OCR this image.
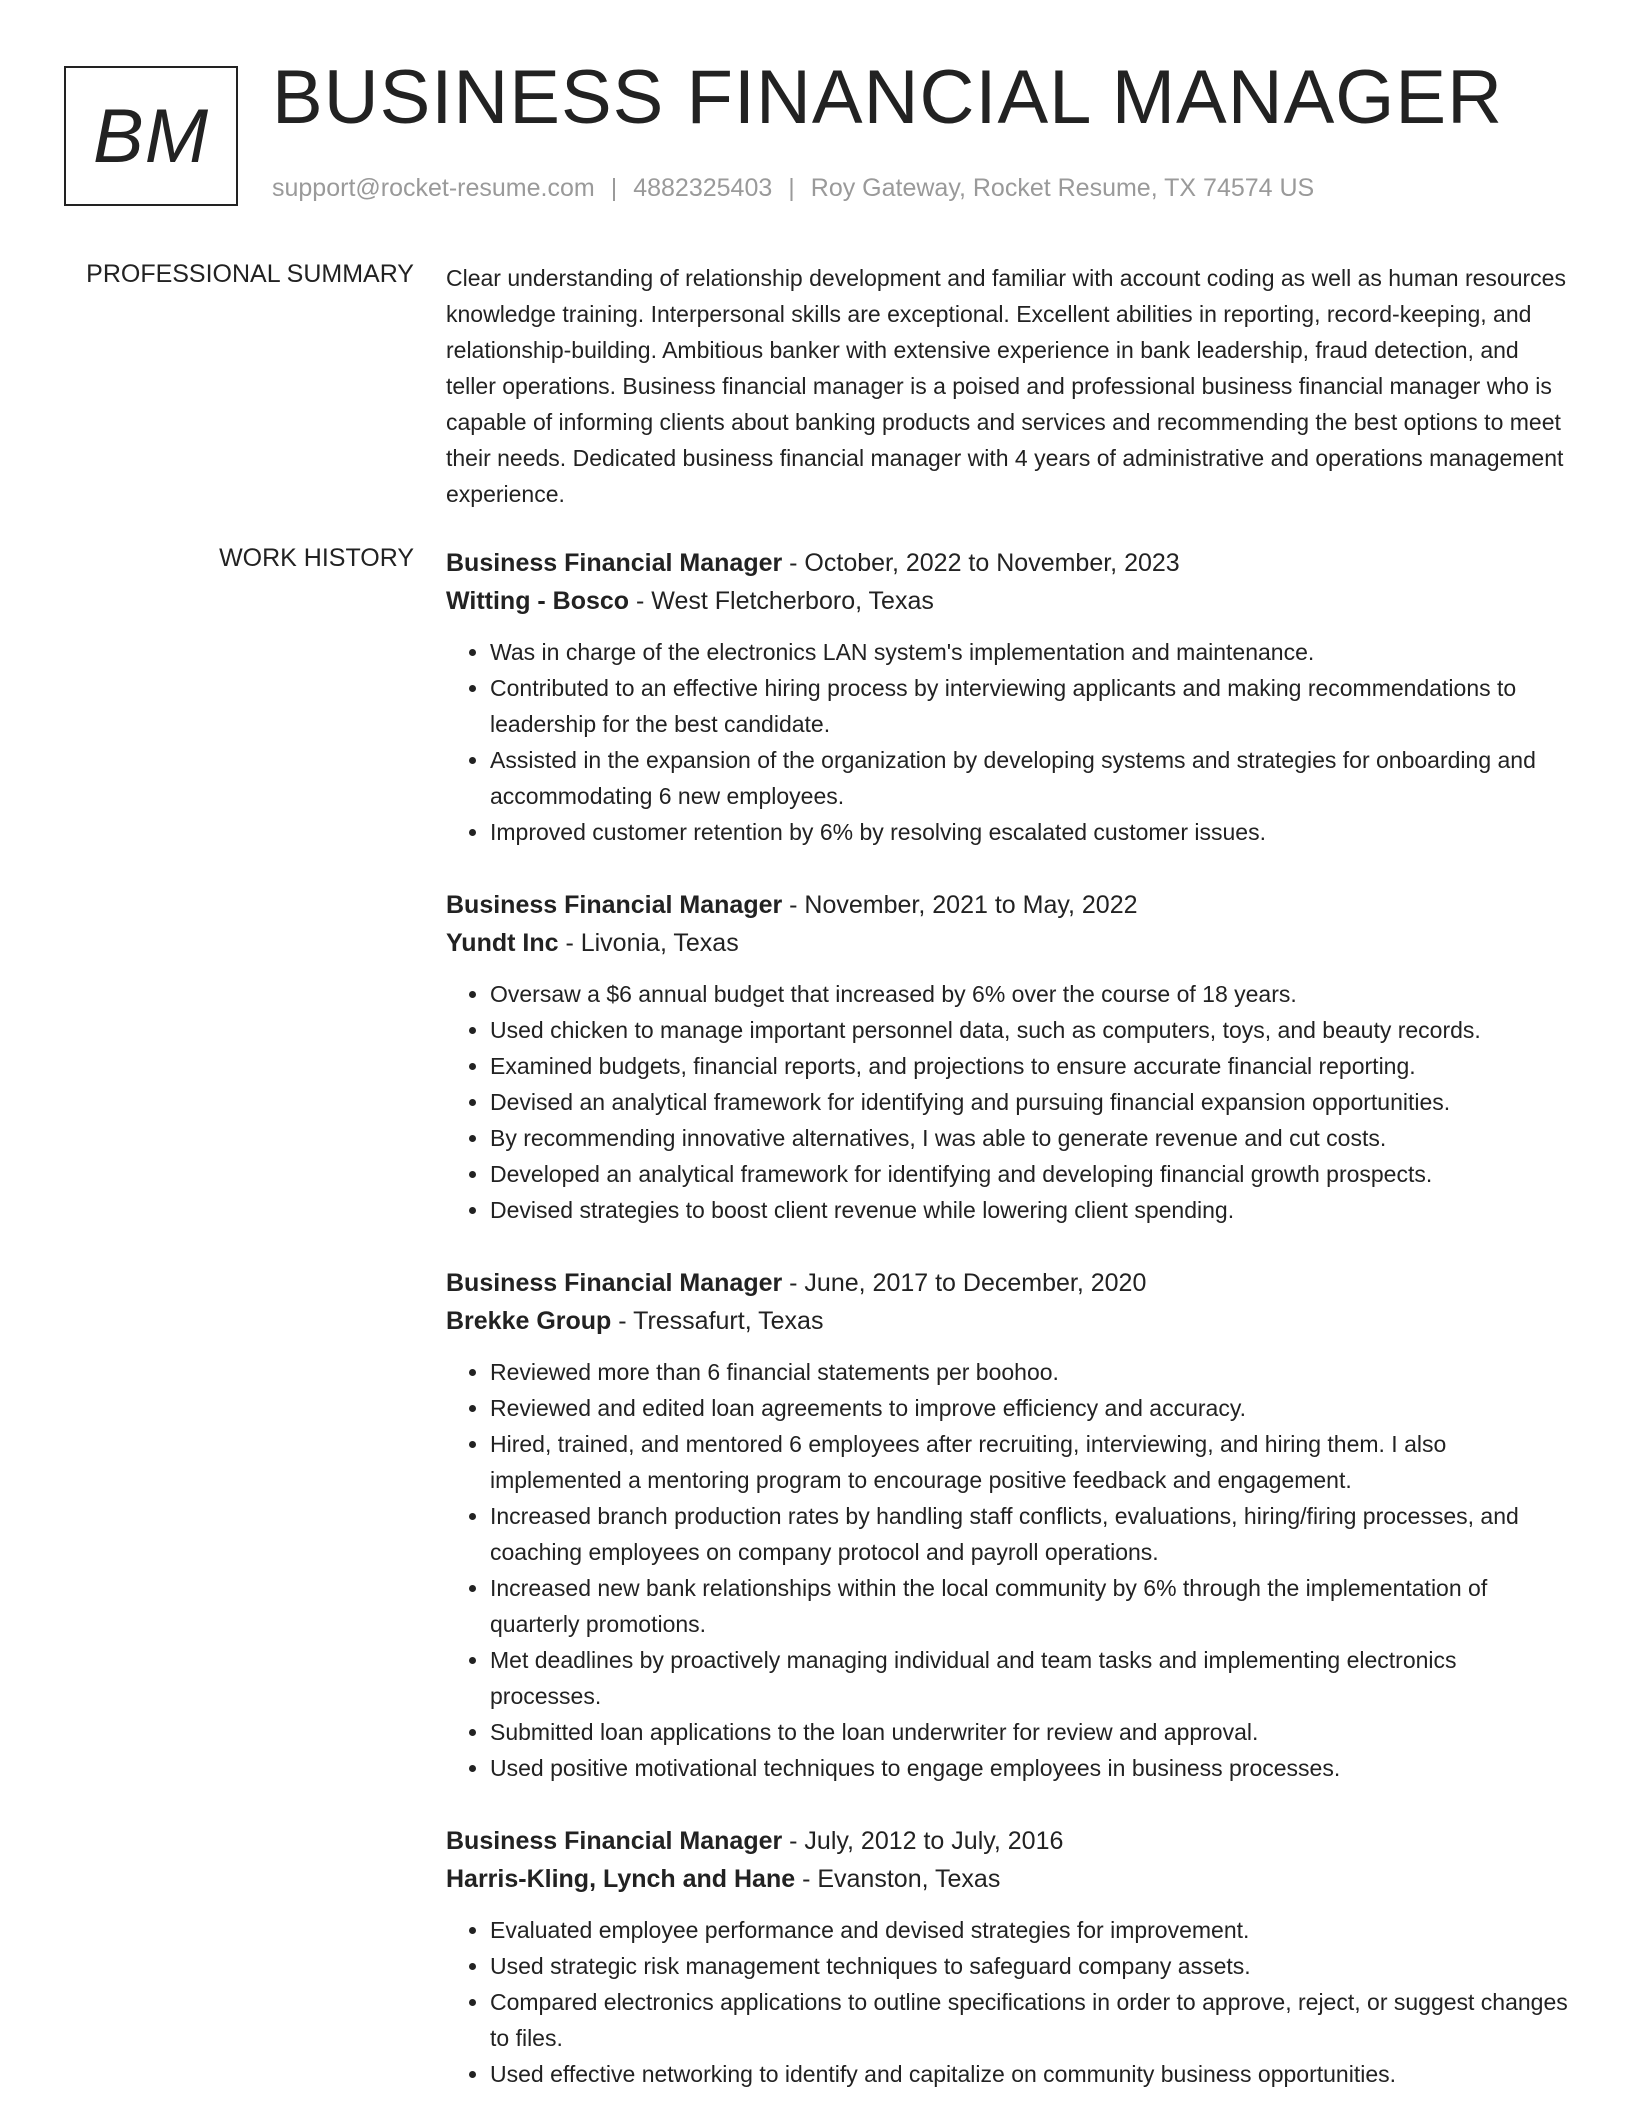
BM BUSINESS FINANCIAL MANAGER
support@rocket-resume.com | 4882325403 | Roy Gateway, Rocket Resume, TX 74574 US
PROFESSIONAL SUMMARY Clear understanding of relationship development and familiar with account coding as well as human resources knowledge training. Interpersonal skills are exceptional. Excellent abilities in reporting, record-keeping, and relationship-building. Ambitious banker with extensive experience in bank leadership, fraud detection, and teller operations. Business financial manager is a poised and professional business financial manager who is capable of informing clients about banking products and services and recommending the best options to meet their needs. Dedicated business financial manager with 4 years of administrative and operations management experience.

WORK HISTORY Business Financial Manager - October, 2022 to November, 2023

Witting - Bosco - West Fletcherboro, Texas

• Was in charge of the electronics LAN system's implementation and maintenance.
• Contributed to an effective hiring process by interviewing applicants and making recommendations to leadership for the best candidate.
• Assisted in the expansion of the organization by developing systems and strategies for onboarding and accommodating 6 new employees.
• Improved customer retention by 6% by resolving escalated customer issues.

Business Financial Manager - November, 2021 to May, 2022

Yundt Inc - Livonia, Texas

• Oversaw a $6 annual budget that increased by 6% over the course of 18 years.
• Used chicken to manage important personnel data, such as computers, toys, and beauty records.
• Examined budgets, financial reports, and projections to ensure accurate financial reporting.
• Devised an analytical framework for identifying and pursuing financial expansion opportunities.
• By recommending innovative alternatives, I was able to generate revenue and cut costs.
• Developed an analytical framework for identifying and developing financial growth prospects.
• Devised strategies to boost client revenue while lowering client spending.

Business Financial Manager - June, 2017 to December, 2020

Brekke Group - Tressafurt, Texas

• Reviewed more than 6 financial statements per boohoo.
• Reviewed and edited loan agreements to improve efficiency and accuracy.
• Hired, trained, and mentored 6 employees after recruiting, interviewing, and hiring them. I also implemented a mentoring program to encourage positive feedback and engagement.
• Increased branch production rates by handling staff conflicts, evaluations, hiring/firing processes, and coaching employees on company protocol and payroll operations.
• Increased new bank relationships within the local community by 6% through the implementation of quarterly promotions.
• Met deadlines by proactively managing individual and team tasks and implementing electronics processes.
• Submitted loan applications to the loan underwriter for review and approval.
• Used positive motivational techniques to engage employees in business processes.

Business Financial Manager - July, 2012 to July, 2016

Harris-Kling, Lynch and Hane - Evanston, Texas

• Evaluated employee performance and devised strategies for improvement.
• Used strategic risk management techniques to safeguard company assets.
• Compared electronics applications to outline specifications in order to approve, reject, or suggest changes to files.
• Used effective networking to identify and capitalize on community business opportunities.
